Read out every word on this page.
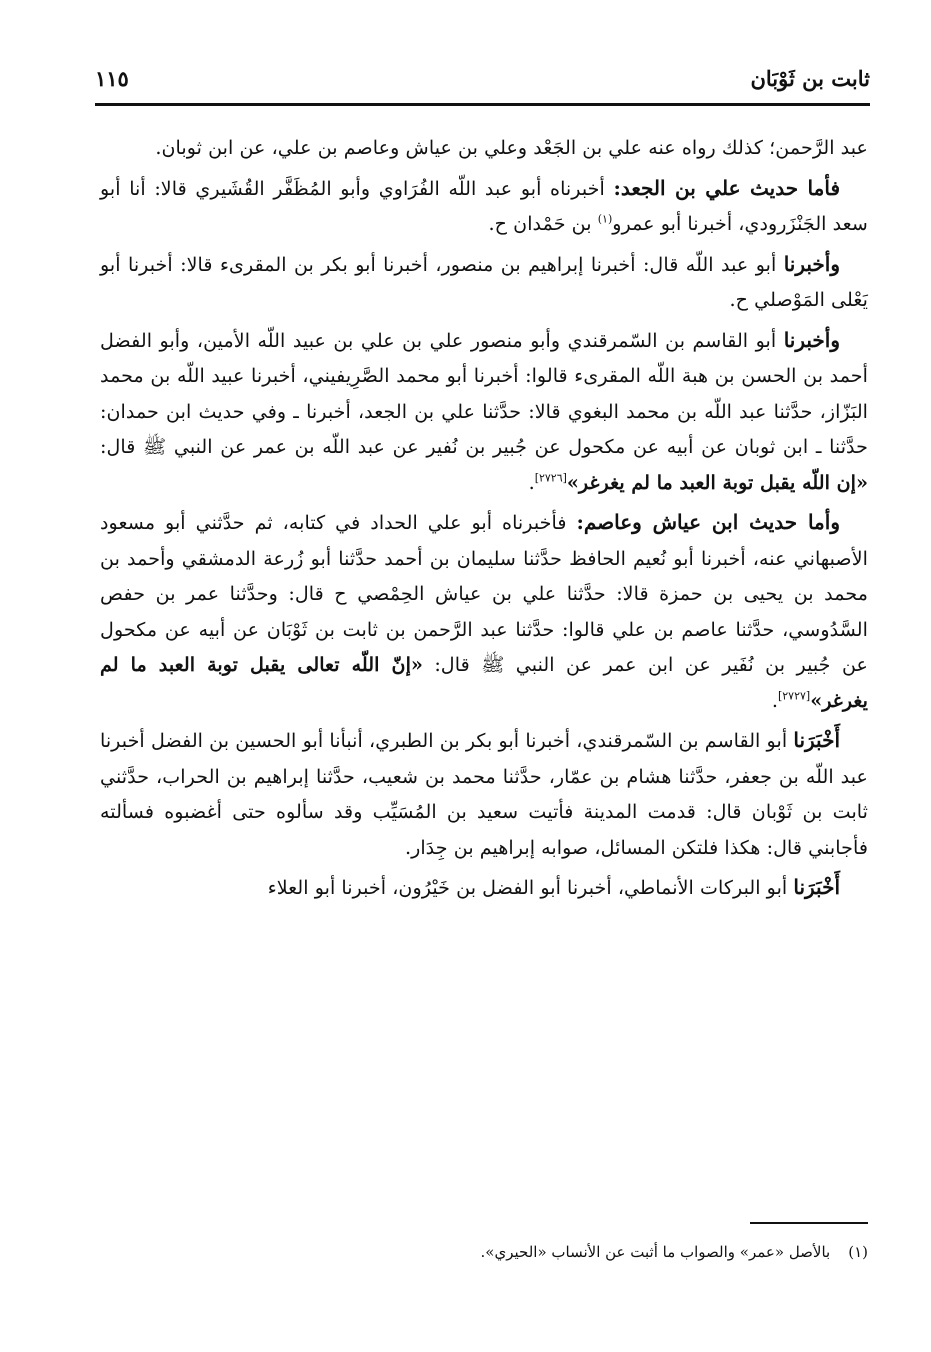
ثابت بن ثَوْبَان
١١٥

عبد الرَّحمن؛ كذلك رواه عنه علي بن الجَعْد وعلي بن عياش وعاصم بن علي، عن ابن ثوبان.

فأما حديث علي بن الجعد: أخبرناه أبو عبد اللّه الفُرَاوي وأبو المُظَفَّر القُشَيري قالا: أنا أبو سعد الجَنْزَرودي، أخبرنا أبو عمرو$^{(١)}$ بن حَمْدان ح.

وأخبرنا أبو عبد اللّه قال: أخبرنا إبراهيم بن منصور، أخبرنا أبو بكر بن المقرىء قالا: أخبرنا أبو يَعْلى المَوْصلي ح.

وأخبرنا أبو القاسم بن السّمرقندي وأبو منصور علي بن علي بن عبيد اللّه الأمين، وأبو الفضل أحمد بن الحسن بن هبة اللّه المقرىء قالوا: أخبرنا أبو محمد الصَّرِيفيني، أخبرنا عبيد اللّه بن محمد البَزّاز، حدَّثنا عبد اللّه بن محمد البغوي قالا: حدَّثنا علي بن الجعد، أخبرنا ـ وفي حديث ابن حمدان: حدَّثنا ـ ابن ثوبان عن أبيه عن مكحول عن جُبير بن نُفير عن عبد اللّه بن عمر عن النبي ﷺ قال: «إن اللّه يقبل توبة العبد ما لم يغرغر»[٢٧٢٦].

وأما حديث ابن عياش وعاصم: فأخبرناه أبو علي الحداد في كتابه، ثم حدَّثني أبو مسعود الأصبهاني عنه، أخبرنا أبو نُعيم الحافظ حدَّثنا سليمان بن أحمد حدَّثنا أبو زُرعة الدمشقي وأحمد بن محمد بن يحيى بن حمزة قالا: حدَّثنا علي بن عياش الحِمْصي ح قال: وحدَّثنا عمر بن حفص السَّدُوسي، حدَّثنا عاصم بن علي قالوا: حدَّثنا عبد الرَّحمن بن ثابت بن ثَوْبَان عن أبيه عن مكحول عن جُبير بن نُفَير عن ابن عمر عن النبي ﷺ قال: «إنّ اللّه تعالى يقبل توبة العبد ما لم يغرغر»[٢٧٢٧].

أَخْبَرَنا أبو القاسم بن السّمرقندي، أخبرنا أبو بكر بن الطبري، أنبأنا أبو الحسين بن الفضل أخبرنا عبد اللّه بن جعفر، حدَّثنا هشام بن عمّار، حدَّثنا محمد بن شعيب، حدَّثنا إبراهيم بن الحراب، حدَّثني ثابت بن ثَوْبان قال: قدمت المدينة فأتيت سعيد بن المُسَيِّب وقد سألوه حتى أغضبوه فسألته فأجابني قال: هكذا فلتكن المسائل، صوابه إبراهيم بن جِدَار.

أَخْبَرَنا أبو البركات الأنماطي، أخبرنا أبو الفضل بن خَيْرُون، أخبرنا أبو العلاء

(١)بالأصل «عمر» والصواب ما أثبت عن الأنساب «الحيري».
